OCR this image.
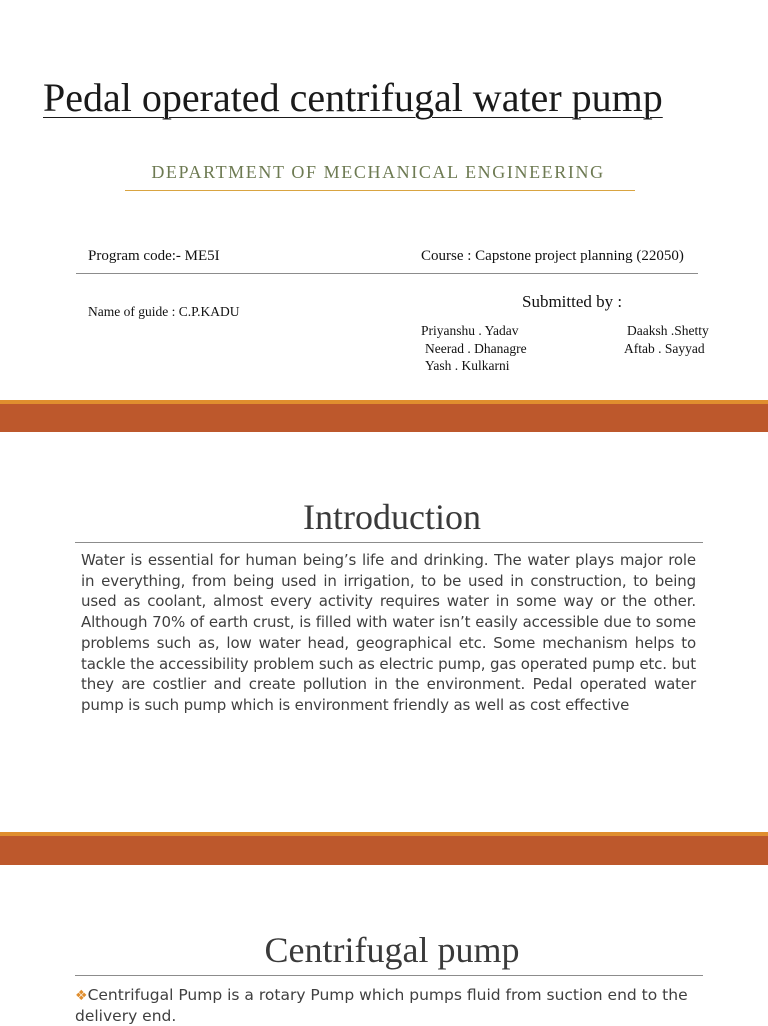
Pedal operated centrifugal water pump
DEPARTMENT OF MECHANICAL ENGINEERING
Program code:- ME5I	Course : Capstone project planning (22050)
Name of guide : C.P.KADU
Submitted by :
Priyanshu . Yadav	Daaksh .Shetty
Neerad . Dhanagre	Aftab . Sayyad
Yash . Kulkarni
Introduction
Water is essential for human being’s life and drinking. The water plays major role in everything, from being used in irrigation, to be used in construction, to being used as coolant, almost every activity requires water in some way or the other. Although 70% of earth crust, is filled with water isn’t easily accessible due to some problems such as, low water head, geographical etc. Some mechanism helps to tackle the accessibility problem such as electric pump, gas operated pump etc. but they are costlier and create pollution in the environment. Pedal operated water pump is such pump which is environment friendly as well as cost effective
Centrifugal pump
❖Centrifugal Pump is a rotary Pump which pumps fluid from suction end to the delivery end.
